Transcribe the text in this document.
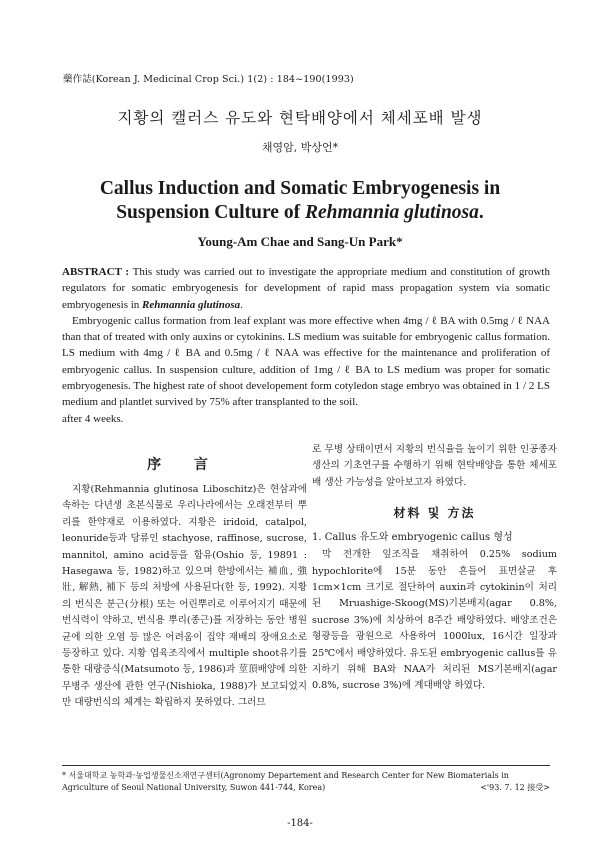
藥作誌(Korean J. Medicinal Crop Sci.) 1(2) : 184~190(1993)
지황의 캘러스 유도와 현탁배양에서 체세포배 발생
채영암, 박상언*
Callus Induction and Somatic Embryogenesis in
Suspension Culture of Rehmannia glutinosa.
Young-Am Chae and Sang-Un Park*

ABSTRACT : This study was carried out to investigate the appropriate medium and constitution of growth regulators for somatic embryogenesis for development of rapid mass propagation system via somatic embryogenesis in Rehmannia glutinosa.

Embryogenic callus formation from leaf explant was more effective when 4mg / ℓ BA with 0.5mg / ℓ NAA than that of treated with only auxins or cytokinins. LS medium was suitable for embryogenic callus formation. LS medium with 4mg / ℓ BA and 0.5mg / ℓ NAA was effective for the maintenance and proliferation of embryogenic callus. In suspension culture, addition of 1mg / ℓ BA to LS medium was proper for somatic embryogenesis. The highest rate of shoot developement form cotyledon stage embryo was obtained in 1 / 2 LS medium and plantlet survived by 75% after transplanted to the soil.

after 4 weeks.

序 言

지황(Rehmannia glutinosa Liboschitz)은 현삼과에 속하는 다년생 초본식물로 우리나라에서는 오래전부터 뿌리를 한약재로 이용하였다. 지황은 iridoid, catalpol, leonuride등과 당류인 stachyose, raffinose, sucrose, mannitol, amino acid등을 함유(Oshio 등, 19891 : Hasegawa 등, 1982)하고 있으며 한방에서는 補血, 強壯, 解熱, 補下 등의 처방에 사용된다(한 등, 1992). 지황의 번식은 분근(分根) 또는 어린뿌리로 이루어지기 때문에 번식력이 약하고, 번식용 뿌리(종근)를 저장하는 동안 병원균에 의한 오염 등 많은 어려움이 집약 재배의 장애요소로 등장하고 있다. 지황 엽육조직에서 multiple shoot유기를 통한 대량증식(Matsumoto 등, 1986)과 莖頂배양에 의한 무병주 생산에 관한 연구(Nishioka, 1988)가 보고되었지만 대량번식의 체계는 확립하지 못하였다. 그러므

로 무병 상태이면서 지황의 번식율을 높이기 위한 인공종자 생산의 기초연구를 수행하기 위해 현탁배양을 통한 체세포배 생산 가능성을 알아보고자 하였다.

材料 및 方法
1. Callus 유도와 embryogenic callus 형성

막 전개한 잎조직을 채취하여 0.25% sodium hypochlorite에 15분 동안 흔들어 표면살균 후 1cm×1cm 크기로 절단하여 auxin과 cytokinin이 처리된 Mruashige-Skoog(MS)기본배지(agar 0.8%, sucrose 3%)에 치상하여 8주간 배양하였다. 배양조건은 형광등을 광원으로 사용하여 1000lux, 16시간 일장과 25℃에서 배양하였다. 유도된 embryogenic callus를 유지하기 위해 BA와 NAA가 처리된 MS기본배지(agar 0.8%, sucrose 3%)에 계대배양 하였다.

* 서울대학교 농학과·농업생물신소재연구센터(Agronomy Departement and Research Center for New Biomaterials in Agriculture of Seoul National University, Suwon 441-744, Korea)	<'93. 7. 12 接受>
-184-
